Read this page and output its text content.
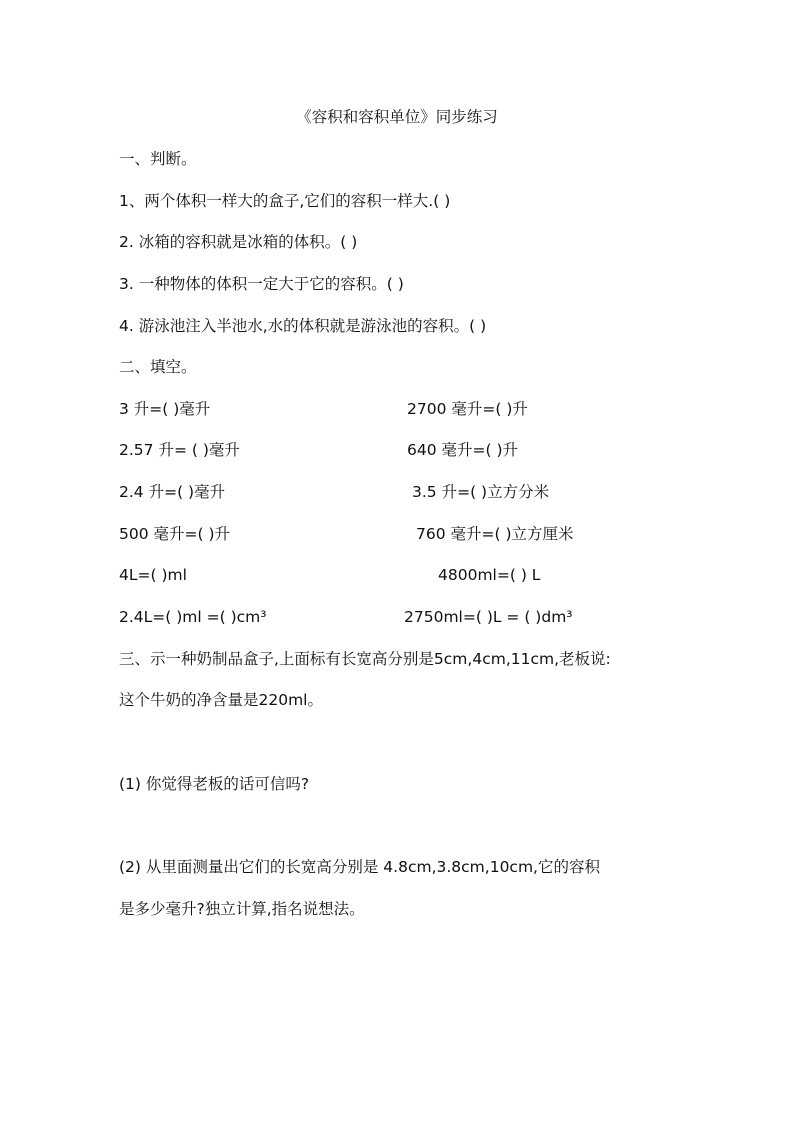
《容积和容积单位》同步练习
一、判断。
1、两个体积一样大的盒子,它们的容积一样大.( )
2. 冰箱的容积就是冰箱的体积。( )
3. 一种物体的体积一定大于它的容积。( )
4. 游泳池注入半池水,水的体积就是游泳池的容积。( )
二、填空。
3 升=( )毫升	2700 毫升=( )升
2.57 升= ( )毫升	640 毫升=( )升
2.4 升=( )毫升	3.5 升=( )立方分米
500 毫升=( )升	760 毫升=( )立方厘米
4L=( )ml	4800ml=( ) L
2.4L=( )ml =( )cm³	2750ml=( )L = ( )dm³
三、示一种奶制品盒子,上面标有长宽高分别是5cm,4cm,11cm,老板说:
这个牛奶的净含量是220ml。
(1) 你觉得老板的话可信吗?
(2) 从里面测量出它们的长宽高分别是 4.8cm,3.8cm,10cm,它的容积
是多少毫升?独立计算,指名说想法。
